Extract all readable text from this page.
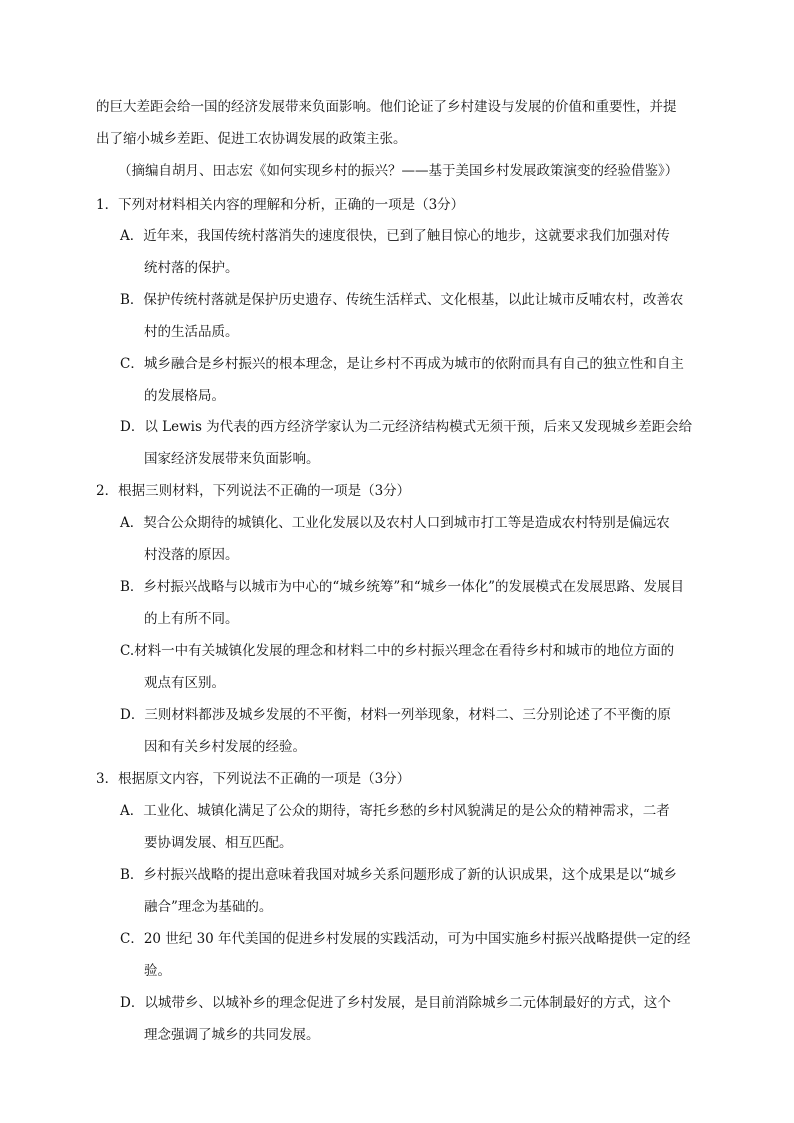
的巨大差距会给一国的经济发展带来负面影响。他们论证了乡村建设与发展的价值和重要性，并提

出了缩小城乡差距、促进工农协调发展的政策主张。

（摘编自胡月、田志宏《如何实现乡村的振兴？——基于美国乡村发展政策演变的经验借鉴》）
1．下列对材料相关内容的理解和分析，正确的一项是（3分）
A．近年来，我国传统村落消失的速度很快，已到了触目惊心的地步，这就要求我们加强对传
统村落的保护。
B．保护传统村落就是保护历史遗存、传统生活样式、文化根基，以此让城市反哺农村，改善农
村的生活品质。
C．城乡融合是乡村振兴的根本理念，是让乡村不再成为城市的依附而具有自己的独立性和自主
的发展格局。
D．以 Lewis 为代表的西方经济学家认为二元经济结构模式无须干预，后来又发现城乡差距会给
国家经济发展带来负面影响。
2．根据三则材料，下列说法不正确的一项是（3分）
A．契合公众期待的城镇化、工业化发展以及农村人口到城市打工等是造成农村特别是偏远农
村没落的原因。
B．乡村振兴战略与以城市为中心的“城乡统筹”和“城乡一体化”的发展模式在发展思路、发展目
的上有所不同。
C.材料一中有关城镇化发展的理念和材料二中的乡村振兴理念在看待乡村和城市的地位方面的
观点有区别。
D．三则材料都涉及城乡发展的不平衡，材料一列举现象，材料二、三分别论述了不平衡的原
因和有关乡村发展的经验。
3．根据原文内容，下列说法不正确的一项是（3分）
A．工业化、城镇化满足了公众的期待，寄托乡愁的乡村风貌满足的是公众的精神需求，二者
要协调发展、相互匹配。
B．乡村振兴战略的提出意味着我国对城乡关系问题形成了新的认识成果，这个成果是以“城乡
融合”理念为基础的。
C．20 世纪 30 年代美国的促进乡村发展的实践活动，可为中国实施乡村振兴战略提供一定的经
验。
D．以城带乡、以城补乡的理念促进了乡村发展，是目前消除城乡二元体制最好的方式，这个
理念强调了城乡的共同发展。
